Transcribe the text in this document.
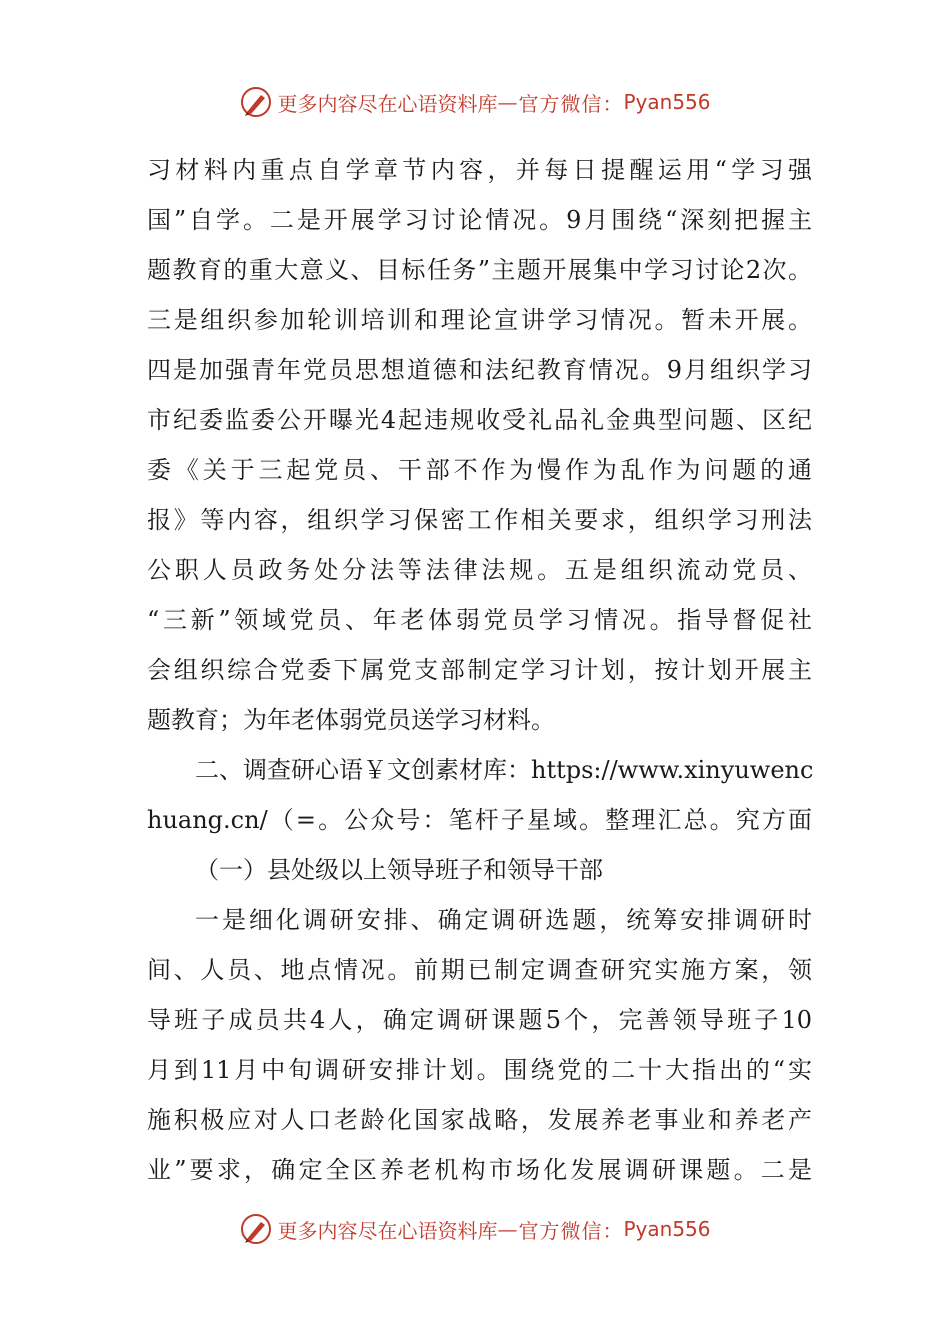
更多内容尽在心语资料库 — 官方微信： Pyan556
习材料内重点自学章节内容，并每日提醒运用“学习强
国”自学。二是开展学习讨论情况。9月围绕“深刻把握主
题教育的重大意义、目标任务”主题开展集中学习讨论2次。
三是组织参加轮训培训和理论宣讲学习情况。暂未开展。
四是加强青年党员思想道德和法纪教育情况。9月组织学习
市纪委监委公开曝光4起违规收受礼品礼金典型问题、区纪
委《关于三起党员、干部不作为慢作为乱作为问题的通
报》等内容，组织学习保密工作相关要求，组织学习刑法
公职人员政务处分法等法律法规。五是组织流动党员、
“三新”领域党员、年老体弱党员学习情况。指导督促社
会组织综合党委下属党支部制定学习计划，按计划开展主
题教育；为年老体弱党员送学习材料。
二、调查研心语￥文创素材库：https://www.xinyuwenc
huang.cn/（=。公众号：笔杆子星域。整理汇总。究方面
（一）县处级以上领导班子和领导干部
一是细化调研安排、确定调研选题，统筹安排调研时
间、人员、地点情况。前期已制定调查研究实施方案，领
导班子成员共4人，确定调研课题5个，完善领导班子10
月到11月中旬调研安排计划。围绕党的二十大指出的“实
施积极应对人口老龄化国家战略，发展养老事业和养老产
业”要求，确定全区养老机构市场化发展调研课题。二是
更多内容尽在心语资料库 — 官方微信： Pyan556
